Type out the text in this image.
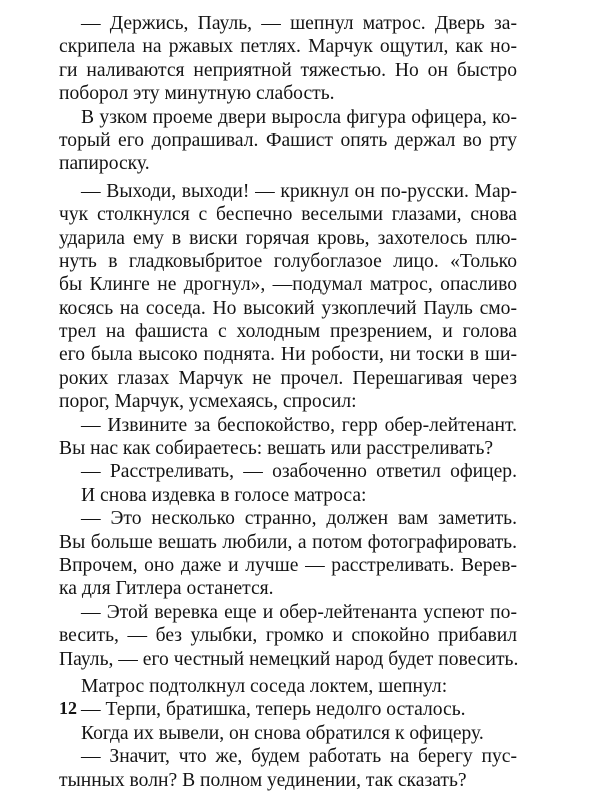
— Держись, Пауль, — шепнул матрос. Дверь за-
скрипела на ржавых петлях. Марчук ощутил, как но-
ги наливаются неприятной тяжестью. Но он быстро
поборол эту минутную слабость.
В узком проеме двери выросла фигура офицера, ко-
торый его допрашивал. Фашист опять держал во рту
папироску.
— Выходи, выходи! — крикнул он по-русски. Мар-
чук столкнулся с беспечно веселыми глазами, снова
ударила ему в виски горячая кровь, захотелось плю-
нуть в гладковыбритое голубоглазое лицо. «Только
бы Клинге не дрогнул», —подумал матрос, опасливо
косясь на соседа. Но высокий узкоплечий Пауль смо-
трел на фашиста с холодным презрением, и голова
его была высоко поднята. Ни робости, ни тоски в ши-
роких глазах Марчук не прочел. Перешагивая через
порог, Марчук, усмехаясь, спросил:
— Извините за беспокойство, герр обер-лейтенант.
Вы нас как собираетесь: вешать или расстреливать?
— Расстреливать, — озабоченно ответил офицер.
И снова издевка в голосе матроса:
— Это несколько странно, должен вам заметить.
Вы больше вешать любили, а потом фотографировать.
Впрочем, оно даже и лучше — расстреливать. Верев-
ка для Гитлера останется.
— Этой веревка еще и обер-лейтенанта успеют по-
весить, — без улыбки, громко и спокойно прибавил
Пауль, — его честный немецкий народ будет повесить.
Матрос подтолкнул соседа локтем, шепнул:
— Терпи, братишка, теперь недолго осталось.
Когда их вывели, он снова обратился к офицеру.
— Значит, что же, будем работать на берегу пус-
тынных волн? В полном уединении, так сказать?
12
